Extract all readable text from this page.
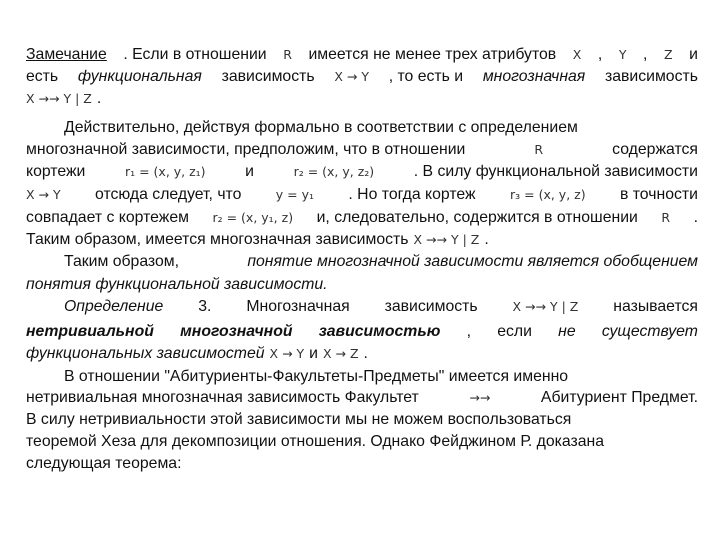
Замечание . Если в отношении R имеется не менее трех атрибутов X , Y , Z и
есть функциональная зависимость X → Y , то есть и многозначная зависимость
X →→ Y | Z .
Действительно, действуя формально в соответствии с определением
многозначной зависимости, предположим, что в отношении	R	содержатся
кортежи	r₁ = (x, y, z₁)	и	r₂ = (x, y, z₂)	. В силу функциональной зависимости
X → Y отсюда следует, что	y = y₁ . Но тогда кортеж	r₃ = (x, y, z) в точности
совпадает с кортежем r₂ = (x, y₁, z) и, следовательно, содержится в отношении R .
Таким образом, имеется многозначная зависимость X →→ Y | Z .
Таким образом,	понятие многозначной зависимости является обобщением
понятия функциональной зависимости.
Определение 3. Многозначная зависимость	X →→ Y | Z называется
нетривиальной многозначной зависимостью , если не существует
функциональных зависимостей X → Y и X → Z .
В отношении "Абитуриенты-Факультеты-Предметы" имеется именно
нетривиальная многозначная зависимость Факультет	→→	Абитуриент Предмет.
В силу нетривиальности этой зависимости мы не можем воспользоваться
теоремой Хеза для декомпозиции отношения. Однако Фейджином Р. доказана
следующая теорема:
